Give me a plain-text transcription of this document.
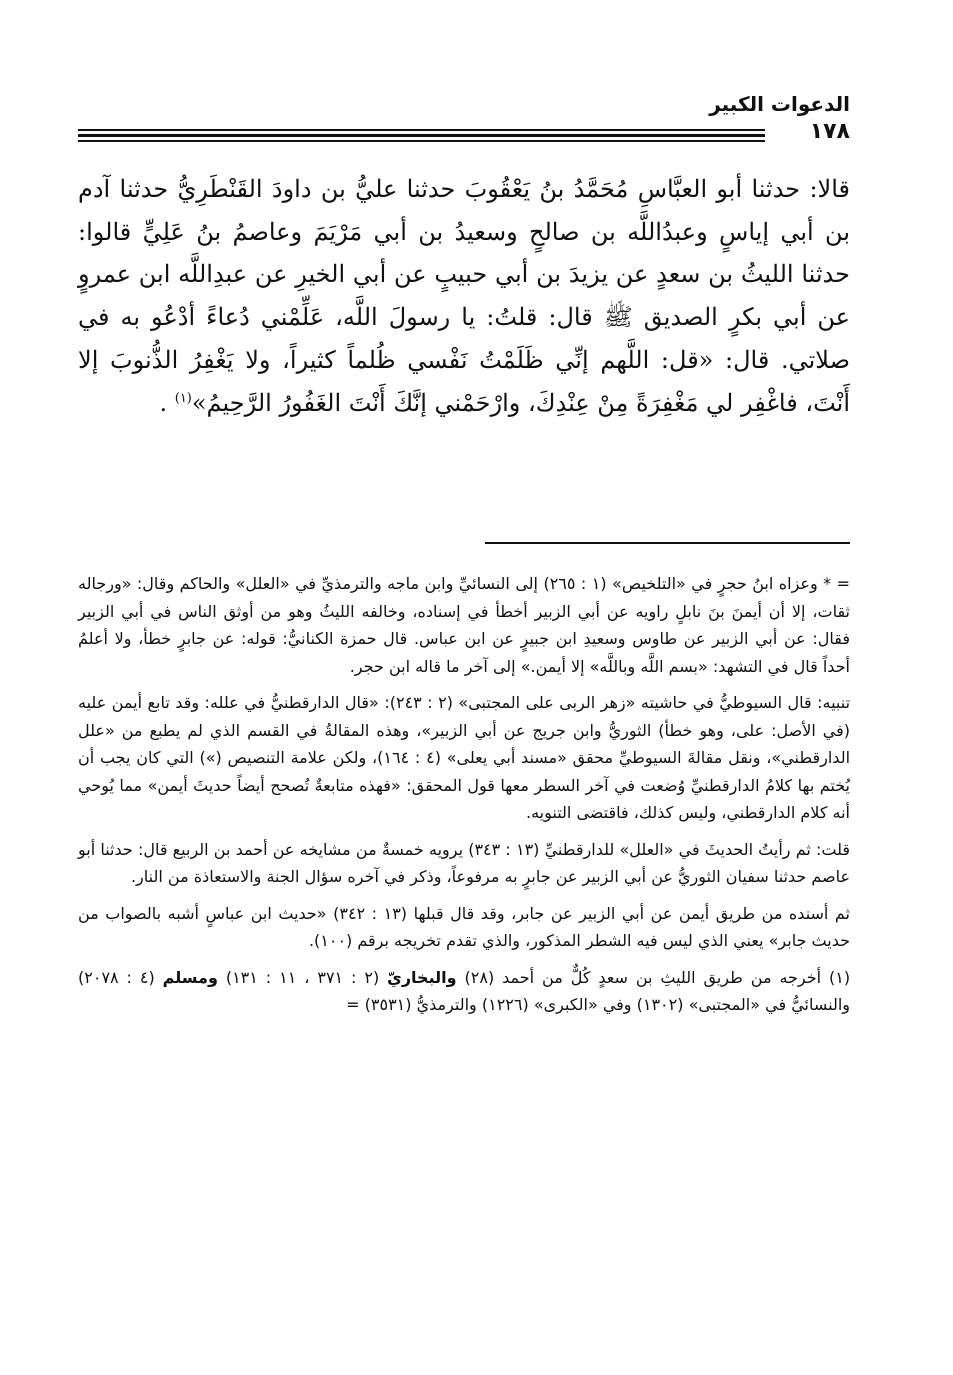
الدعوات الكبير
١٧٨

قالا: حدثنا أبو العبَّاسِ مُحَمَّدُ بنُ يَعْقُوبَ حدثنا عليُّ بن داودَ القَنْطَرِيُّ حدثنا آدم بن أبي إياسٍ وعبدُاللَّه بن صالحٍ وسعيدُ بن أبي مَرْيَمَ وعاصمُ بنُ عَلِيٍّ قالوا: حدثنا الليثُ بن سعدٍ عن يزيدَ بن أبي حبيبٍ عن أبي الخيرِ عن عبدِاللَّه ابن عمروٍ عن أبي بكرٍ الصديق ﷺ قال: قلتُ: يا رسولَ اللَّه، عَلِّمْني دُعاءً أدْعُو به في صلاتي. قال: «قل: اللَّهم إنِّي ظَلَمْتُ نَفْسي ظُلماً كثيراً، ولا يَغْفِرُ الذُّنوبَ إلا أَنْتَ، فاغْفِر لي مَغْفِرَةً مِنْ عِنْدِكَ، وارْحَمْني إنَّكَ أَنْتَ الغَفُورُ الرَّحِيمُ»$^{(١)}$ .

= * وعزاه ابنُ حجرٍ في «التلخيص» (١ : ٢٦٥) إلى النسائيِّ وابن ماجه والترمذيِّ في «العلل» والحاكم وقال: «ورجاله ثقات، إلا أن أيمنَ بنَ نابلٍ راويه عن أبي الزبير أخطأ في إسناده، وخالفه الليثُ وهو من أوثق الناس في أبي الزبير فقال: عن أبي الزبير عن طاوس وسعيدِ ابن جبيرٍ عن ابن عباس. قال حمزة الكنانيُّ: قوله: عن جابرٍ خطأ، ولا أعلمُ أحداً قال في التشهد: «بسم اللَّه وباللَّه» إلا أيمن.» إلى آخر ما قاله ابن حجر.

تنبيه: قال السيوطيُّ في حاشيته «زهر الربى على المجتبى» (٢ : ٢٤٣): «قال الدارقطنيُّ في علله: وقد تابع أيمن عليه (في الأصل: على، وهو خطأ) الثوريُّ وابن جريج عن أبي الزبير»، وهذه المقالةُ في القسم الذي لم يطبع من «علل الدارقطني»، ونقل مقالةَ السيوطيِّ محقق «مسند أبي يعلى» (٤ : ١٦٤)، ولكن علامة التنصيص (») التي كان يجب أن يُختم بها كلامُ الدارقطنيِّ وُضعت في آخر السطر معها قول المحقق: «فهذه متابعةٌ تُصحح أيضاً حديثَ أيمن» مما يُوحي أنه كلام الدارقطني، وليس كذلك، فاقتضى التنويه.

قلت: ثم رأيتُ الحديثَ في «العلل» للدارقطنيِّ (١٣ : ٣٤٣) يرويه خمسةٌ من مشايخه عن أحمد بن الربيع قال: حدثنا أبو عاصم حدثنا سفيان الثوريُّ عن أبي الزبير عن جابرٍ به مرفوعاً، وذكر في آخره سؤال الجنة والاستعاذة من النار.

ثم أسنده من طريق أيمن عن أبي الزبير عن جابر، وقد قال قبلها (١٣ : ٣٤٢) «حديث ابن عباسٍ أشبه بالصواب من حديث جابر» يعني الذي ليس فيه الشطر المذكور، والذي تقدم تخريجه برقم (١٠٠).

(١) أخرجه من طريق الليثِ بن سعدٍ كُلٌّ من أحمد (٢٨) والبخاريّ (٢ : ٣٧١ ، ١١ : ١٣١) ومسلم (٤ : ٢٠٧٨) والنسائيُّ في «المجتبى» (١٣٠٢) وفي «الكبرى» (١٢٢٦) والترمذيُّ (٣٥٣١) =
